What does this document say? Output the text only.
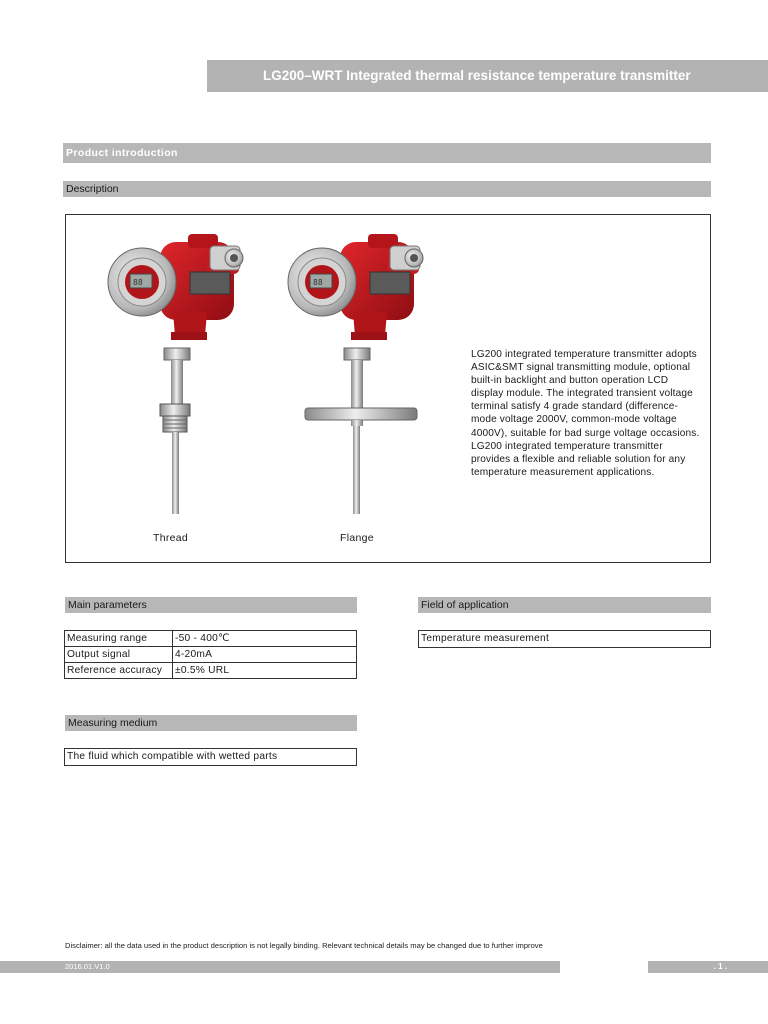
LG200–WRT Integrated thermal resistance temperature transmitter
Product introduction
Description
88	88
Thread	Flange
LG200 integrated temperature transmitter adopts ASIC&SMT signal transmitting module, optional built-in backlight and button operation LCD display module. The integrated transient voltage terminal satisfy 4 grade standard (difference-mode voltage 2000V, common-mode voltage 4000V), suitable for bad surge voltage occasions. LG200 integrated temperature transmitter provides a flexible and reliable solution for any temperature measurement applications.
Main parameters
Measuring range	-50 - 400℃
Output signal	4-20mA
Reference accuracy	±0.5% URL
Field of application
Temperature measurement
Measuring medium
The fluid which compatible with wetted parts
Disclaimer: all the data used in the product description is not legally binding. Relevant technical details may be changed due to further improve
2016.01.V1.0	. 1 .
